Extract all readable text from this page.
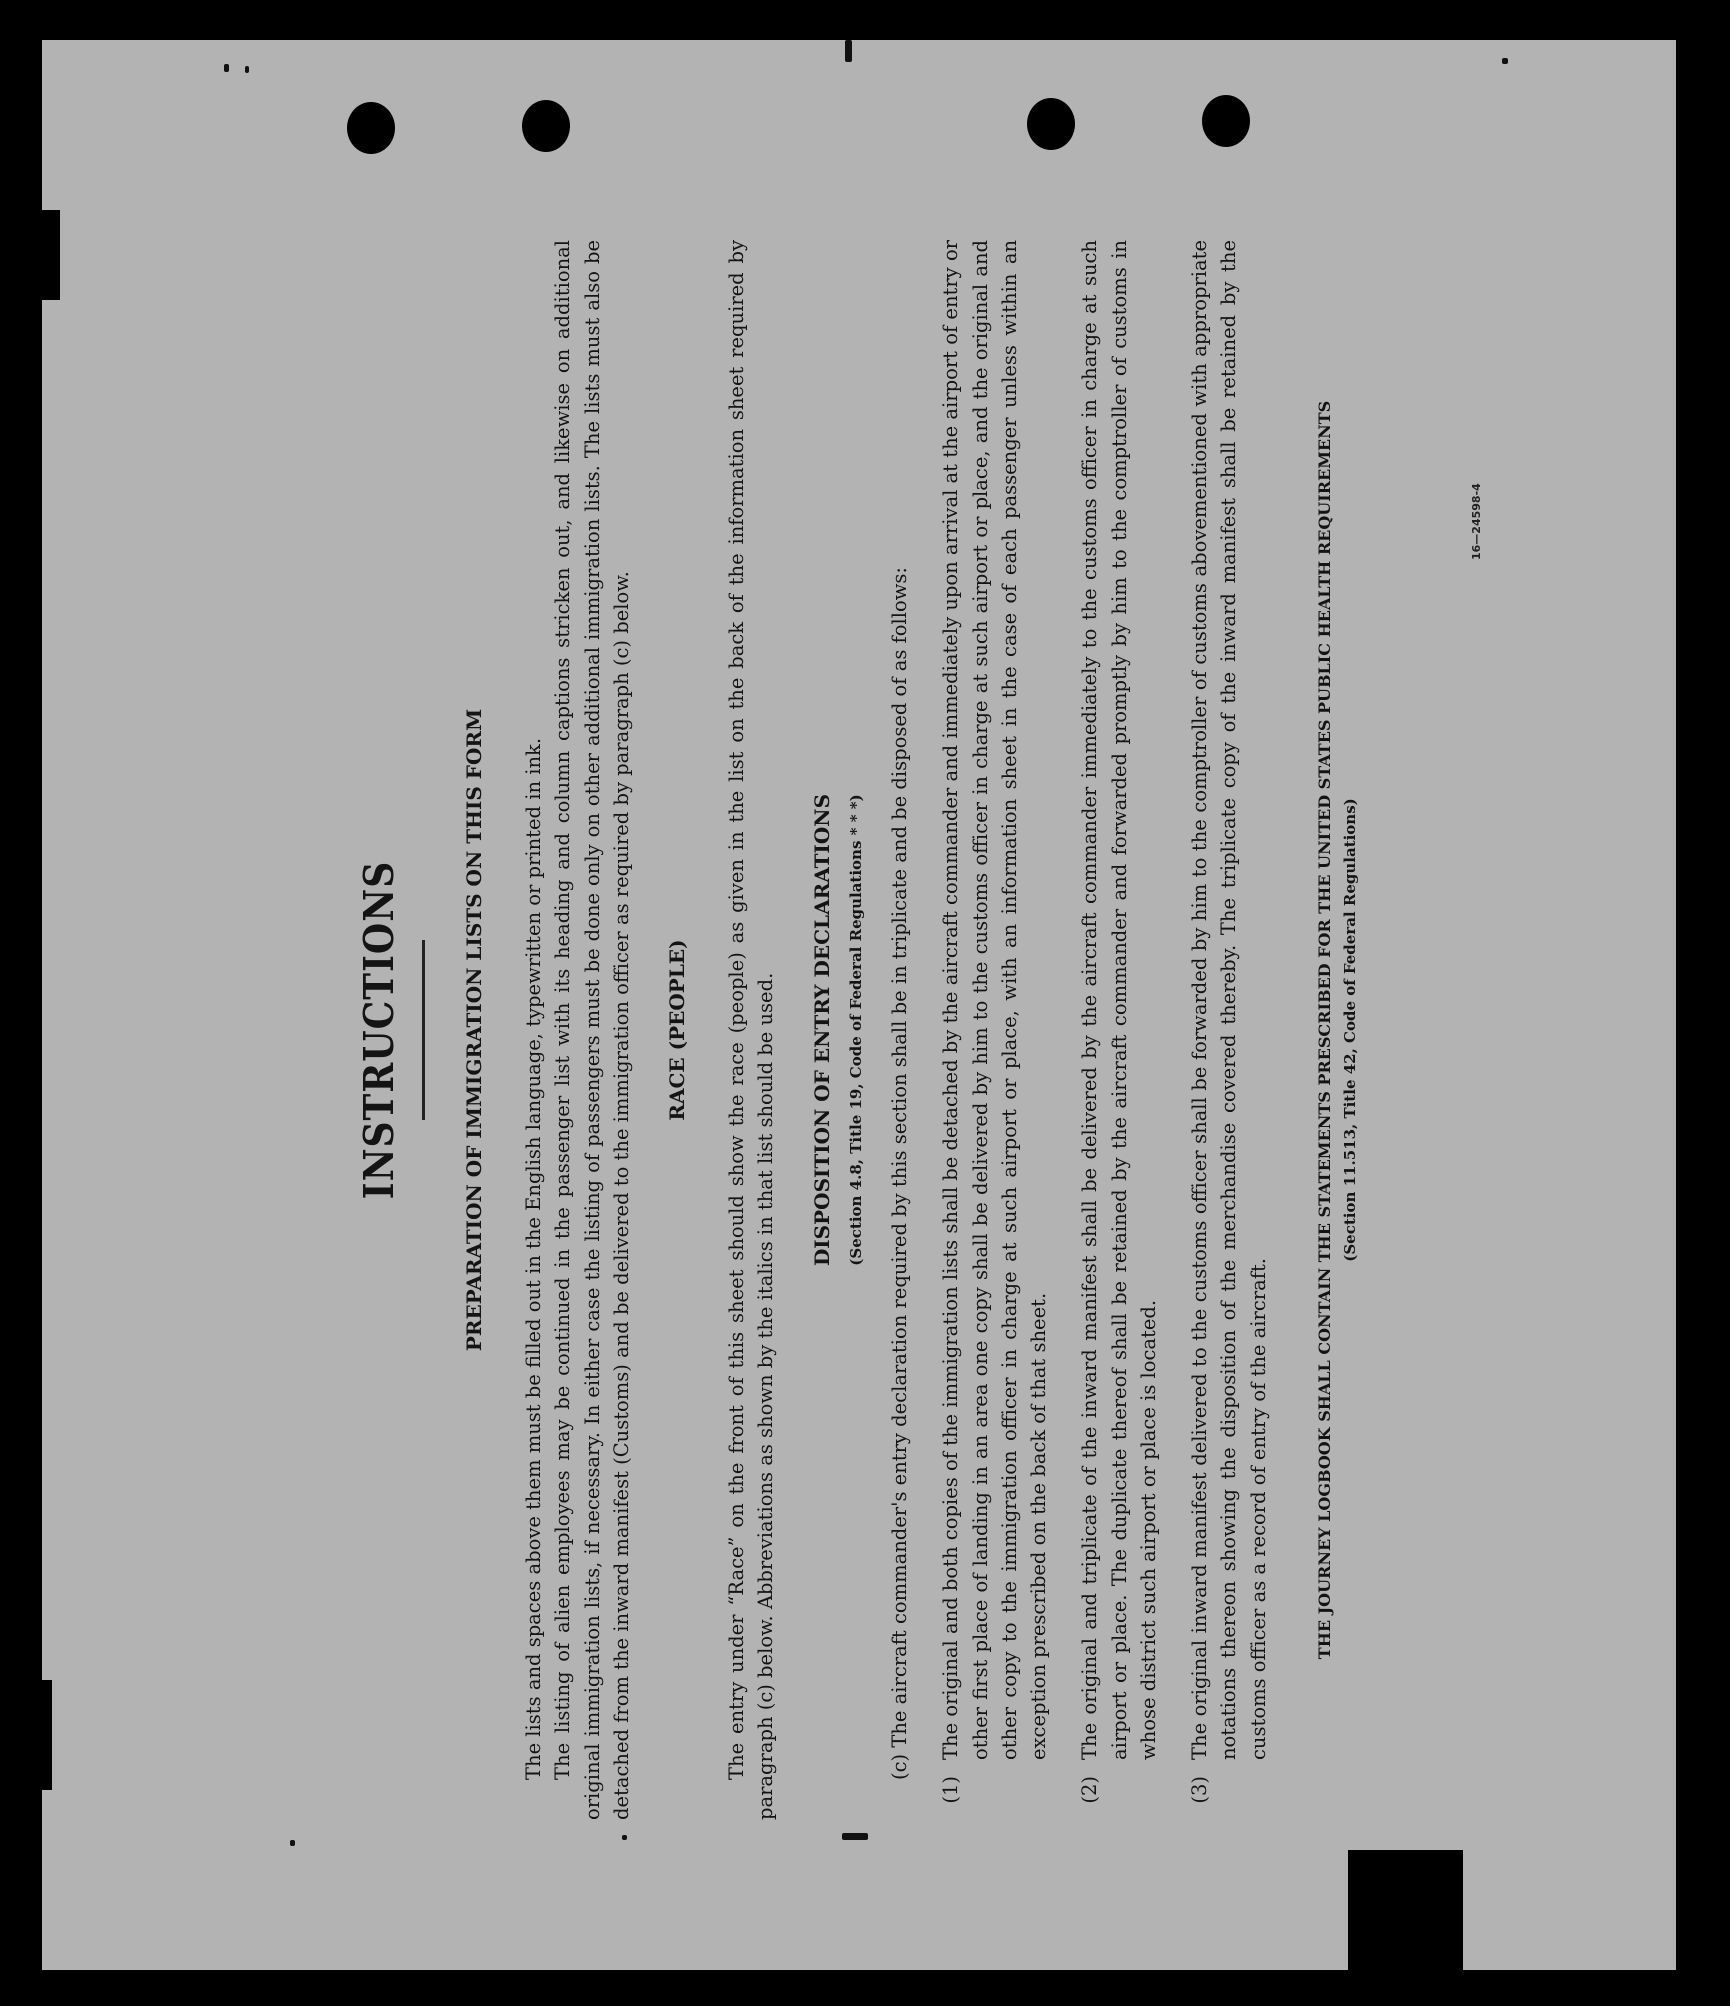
INSTRUCTIONS	PREPARATION OF IMMIGRATION LISTS ON THIS FORM The lists and spaces above them must be filled out in the English language, typewritten or printed in ink. The listing of alien employees may be continued in the passenger list with its heading and column captions stricken out, and likewise on additional original immigration lists, if necessary. In either case the listing of passengers must be done only on other additional immigration lists. The lists must also be detached from the inward manifest (Customs) and be delivered to the immigration officer as required by paragraph (c) below. RACE (PEOPLE) The entry under “Race” on the front of this sheet should show the race (people) as given in the list on the back of the information sheet required by paragraph (c) below. Abbreviations as shown by the italics in that list should be used. DISPOSITION OF ENTRY DECLARATIONS (Section 4.8, Title 19, Code of Federal Regulations * * *) (c) The aircraft commander's entry declaration required by this section shall be in triplicate and be disposed of as follows:

(1)
The original and both copies of the immigration lists shall be detached by the aircraft commander and immediately upon arrival at the airport of entry or other first place of landing in an area one copy shall be delivered by him to the customs officer in charge at such airport or place, and the original and other copy to the immigration officer in charge at such airport or place, with an information sheet in the case of each passenger unless within an exception prescribed on the back of that sheet.
(2)
The original and triplicate of the inward manifest shall be delivered by the aircraft commander immediately to the customs officer in charge at such airport or place. The duplicate thereof shall be retained by the aircraft commander and forwarded promptly by him to the comptroller of customs in whose district such airport or place is located.
(3)
The original inward manifest delivered to the customs officer shall be forwarded by him to the comptroller of customs abovementioned with appropriate notations thereon showing the disposition of the merchandise covered thereby. The triplicate copy of the inward manifest shall be retained by the customs officer as a record of entry of the aircraft.	THE JOURNEY LOGBOOK SHALL CONTAIN THE STATEMENTS PRESCRIBED FOR THE UNITED STATES PUBLIC HEALTH REQUIREMENTS (Section 11.513, Title 42, Code of Federal Regulations)
16—24598-4
